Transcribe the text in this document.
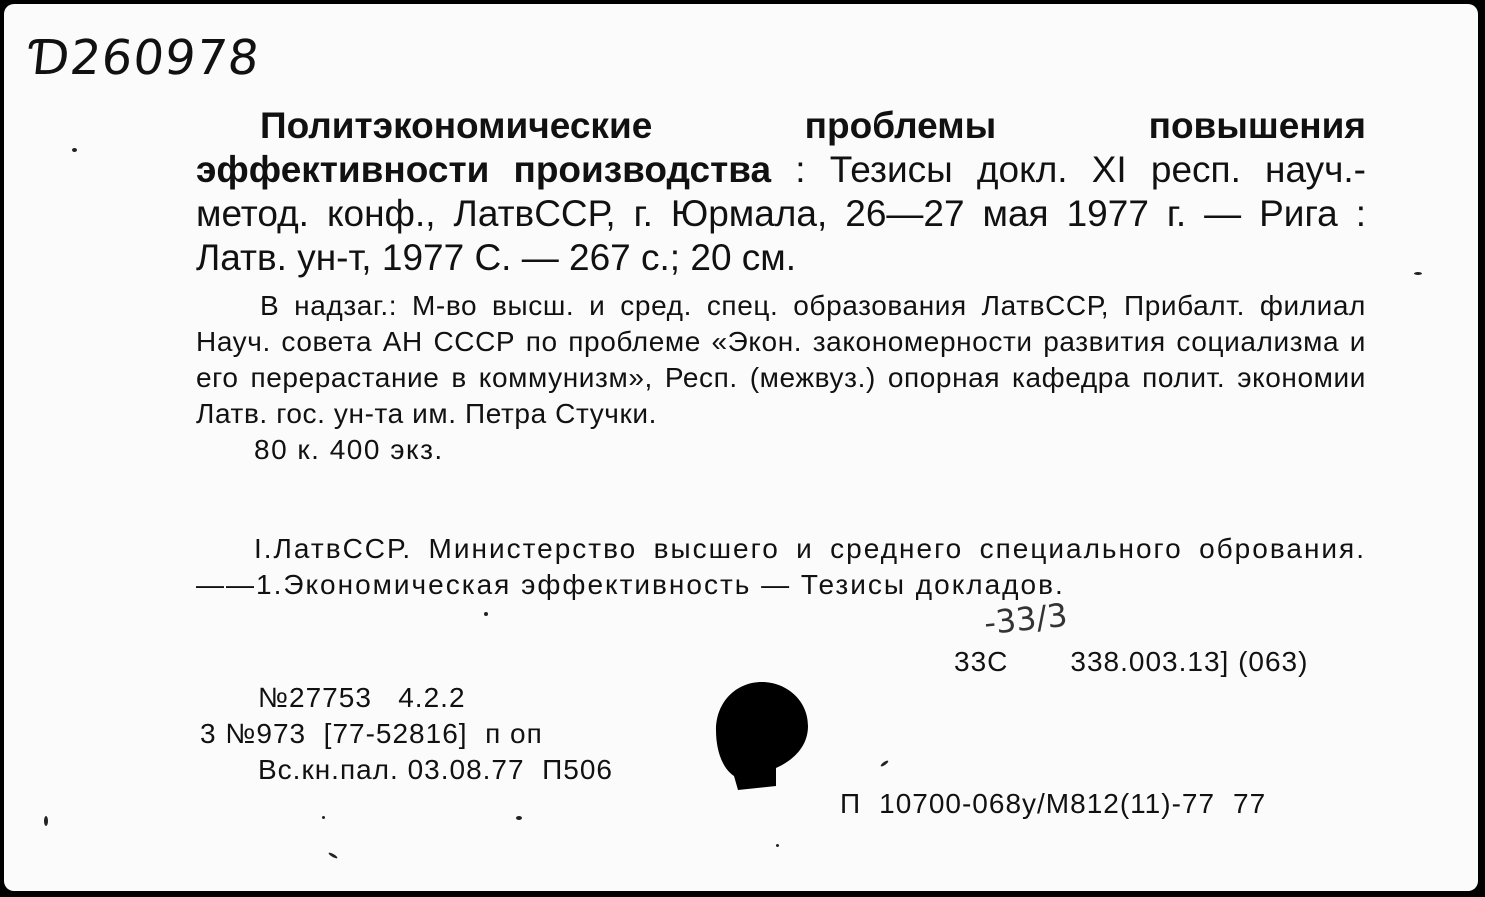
Ɗ260978
Политэкономические проблемы повышения эффективности производства : Тезисы докл. XI респ. науч.-метод. конф., ЛатвССР, г. Юрмала, 26—27 мая 1977 г. — Рига : Латв. ун-т, 1977 С. — 267 с.; 20 см.
В надзаг.: М-во высш. и сред. спец. образования ЛатвССР, Прибалт. филиал Науч. совета АН СССР по проблеме «Экон. закономерности развития социализма и его перерастание в коммунизм», Респ. (межвуз.) опорная кафедра полит. экономии Латв. гос. ун-та им. Петра Стучки.
80 к. 400 экз.
I.ЛатвССР. Министерство высшего и среднего специального обрования. ——1.Экономическая эффективность — Тезисы докладов.
-33/3
33С 338.003.13] (063)
№27753   4.2.2
3 №973  [77-52816]  п оп
Вс.кн.пал. 03.08.77  П506
П 10700-068у/М812(11)-77 77
